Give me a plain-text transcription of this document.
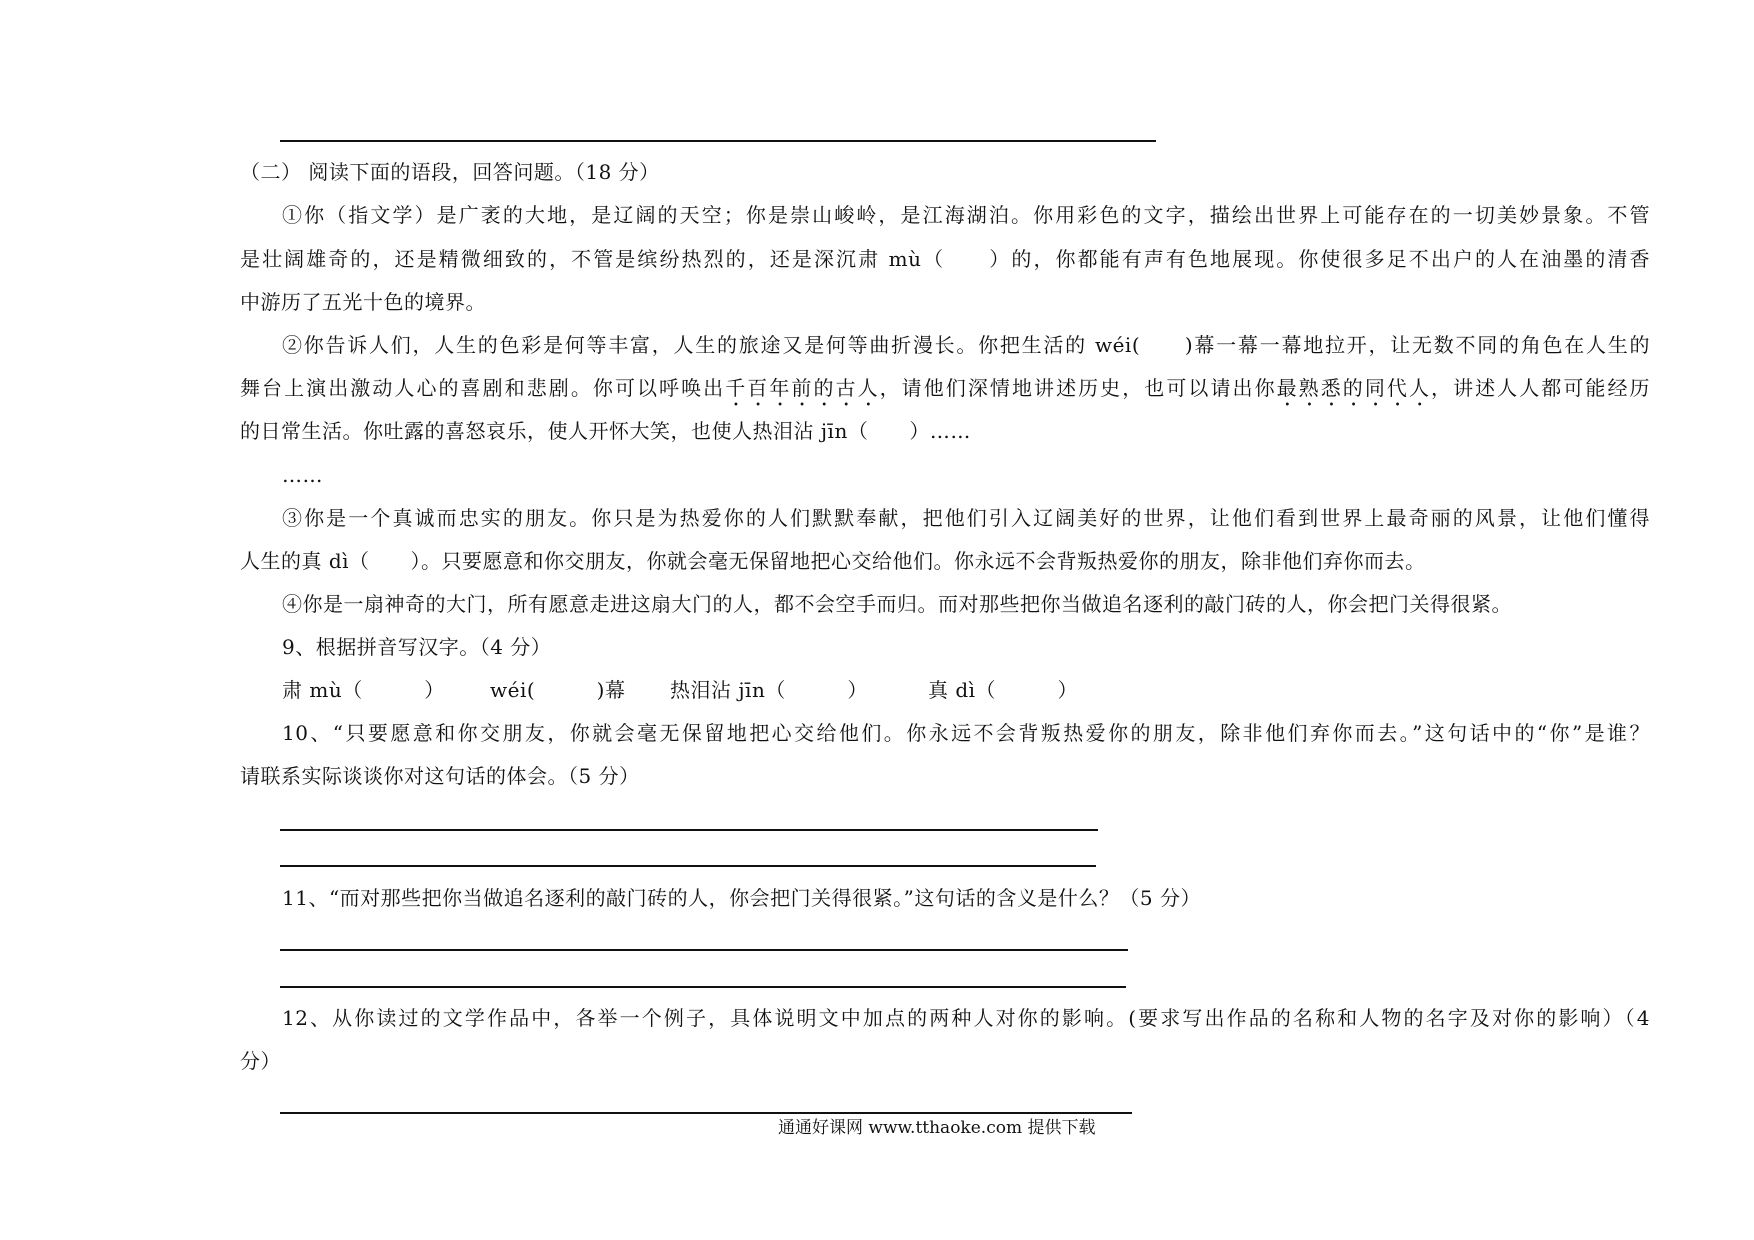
（二） 阅读下面的语段，回答问题。（18 分）
①你（指文学）是广袤的大地，是辽阔的天空；你是崇山峻岭，是江海湖泊。你用彩色的文字，描绘出世界上可能存在的一切美妙景象。不管
是壮阔雄奇的，还是精微细致的，不管是缤纷热烈的，还是深沉肃 mù（　　）的，你都能有声有色地展现。你使很多足不出户的人在油墨的清香
中游历了五光十色的境界。
②你告诉人们，人生的色彩是何等丰富，人生的旅途又是何等曲折漫长。你把生活的 wéi(　　)幕一幕一幕地拉开，让无数不同的角色在人生的
舞台上演出激动人心的喜剧和悲剧。你可以呼唤出千百年前的古人，请他们深情地讲述历史，也可以请出你最熟悉的同代人，讲述人人都可能经历
的日常生活。你吐露的喜怒哀乐，使人开怀大笑，也使人热泪沾 jīn（　　）……
……
③你是一个真诚而忠实的朋友。你只是为热爱你的人们默默奉献，把他们引入辽阔美好的世界，让他们看到世界上最奇丽的风景，让他们懂得
人生的真 dì（　　）。只要愿意和你交朋友，你就会毫无保留地把心交给他们。你永远不会背叛热爱你的朋友，除非他们弃你而去。
④你是一扇神奇的大门，所有愿意走进这扇大门的人，都不会空手而归。而对那些把你当做追名逐利的敲门砖的人，你会把门关得很紧。
9、根据拼音写汉字。（4 分）
肃 mù（　　　） wéi(　　　)幕 热泪沾 jīn（　　　）	真 dì（　　　）
10、“只要愿意和你交朋友，你就会毫无保留地把心交给他们。你永远不会背叛热爱你的朋友，除非他们弃你而去。”这句话中的“你”是谁？
请联系实际谈谈你对这句话的体会。（5 分）
11、“而对那些把你当做追名逐利的敲门砖的人，你会把门关得很紧。”这句话的含义是什么？（5 分）
12、从你读过的文学作品中，各举一个例子，具体说明文中加点的两种人对你的影响。(要求写出作品的名称和人物的名字及对你的影响）（4
分）
通通好课网 www.tthaoke.com 提供下载
